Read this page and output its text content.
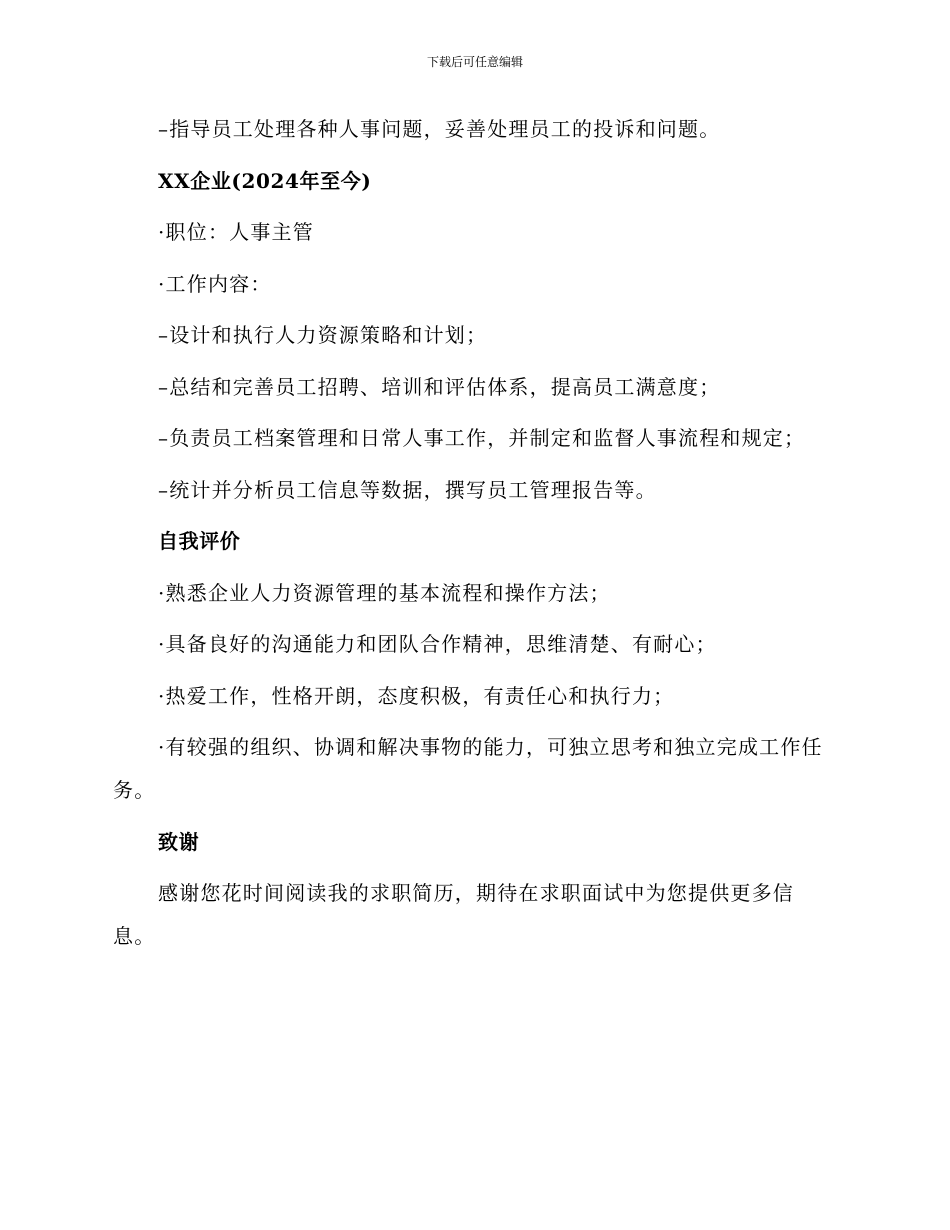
下载后可任意编辑

–指导员工处理各种人事问题，妥善处理员工的投诉和问题。

XX企业(2024年至今)

·职位：人事主管

·工作内容：

–设计和执行人力资源策略和计划；

–总结和完善员工招聘、培训和评估体系，提高员工满意度；

–负责员工档案管理和日常人事工作，并制定和监督人事流程和规定；

–统计并分析员工信息等数据，撰写员工管理报告等。

自我评价

·熟悉企业人力资源管理的基本流程和操作方法；

·具备良好的沟通能力和团队合作精神，思维清楚、有耐心；

·热爱工作，性格开朗，态度积极，有责任心和执行力；

·有较强的组织、协调和解决事物的能力，可独立思考和独立完成工作任务。

致谢

感谢您花时间阅读我的求职简历，期待在求职面试中为您提供更多信息。
